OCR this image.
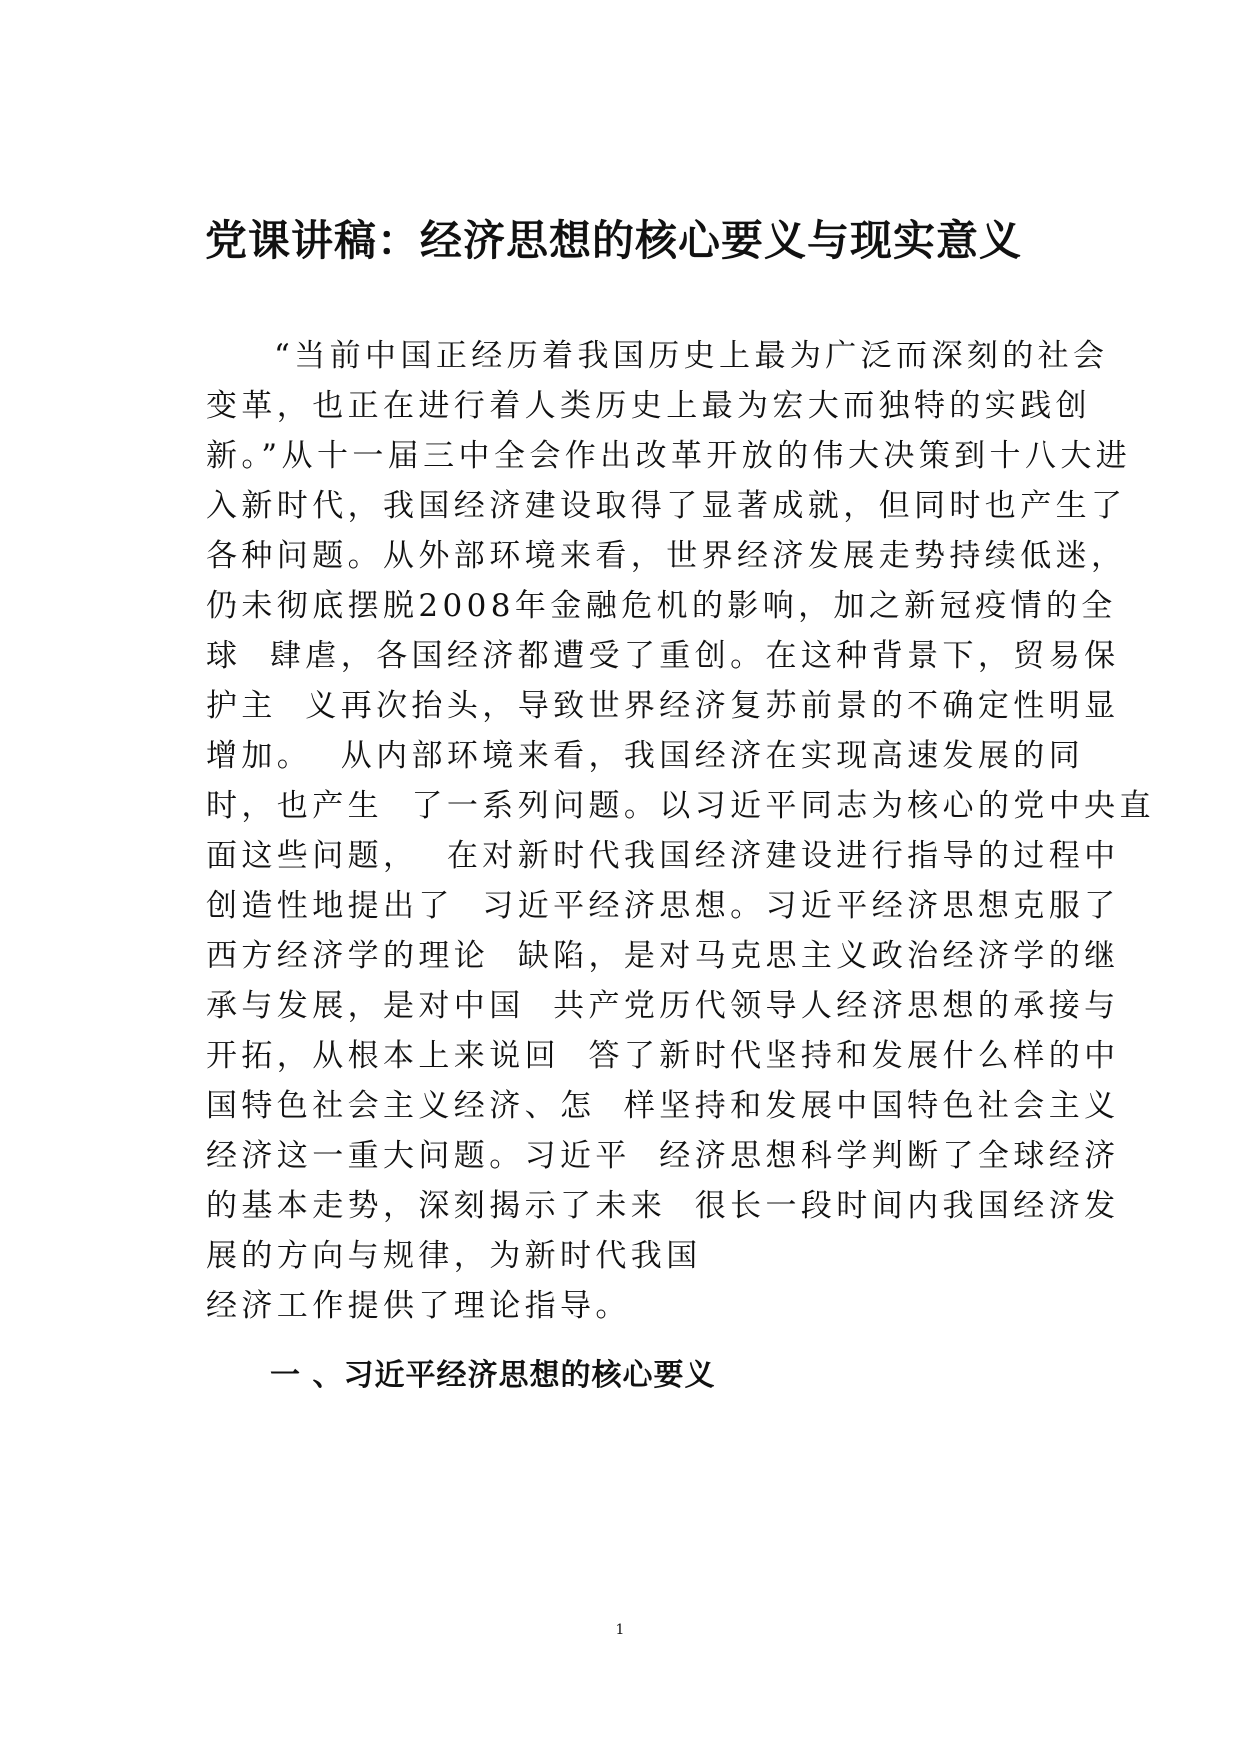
党课讲稿：经济思想的核心要义与现实意义
“当前中国正经历着我国历史上最为广泛而深刻的社会
变革，也正在进行着人类历史上最为宏大而独特的实践创
新。”从十一届三中全会作出改革开放的伟大决策到十八大进
入新时代，我国经济建设取得了显著成就，但同时也产生了
各种问题。从外部环境来看，世界经济发展走势持续低迷，
仍未彻底摆脱2008年金融危机的影响，加之新冠疫情的全
球  肆虐，各国经济都遭受了重创。在这种背景下，贸易保
护主  义再次抬头，导致世界经济复苏前景的不确定性明显
增加。  从内部环境来看，我国经济在实现高速发展的同
时，也产生  了一系列问题。以习近平同志为核心的党中央直
面这些问题，  在对新时代我国经济建设进行指导的过程中
创造性地提出了  习近平经济思想。习近平经济思想克服了
西方经济学的理论  缺陷，是对马克思主义政治经济学的继
承与发展，是对中国  共产党历代领导人经济思想的承接与
开拓，从根本上来说回  答了新时代坚持和发展什么样的中
国特色社会主义经济、怎  样坚持和发展中国特色社会主义
经济这一重大问题。习近平  经济思想科学判断了全球经济
的基本走势，深刻揭示了未来  很长一段时间内我国经济发
展的方向与规律，为新时代我国
经济工作提供了理论指导。
一 、习近平经济思想的核心要义
1
